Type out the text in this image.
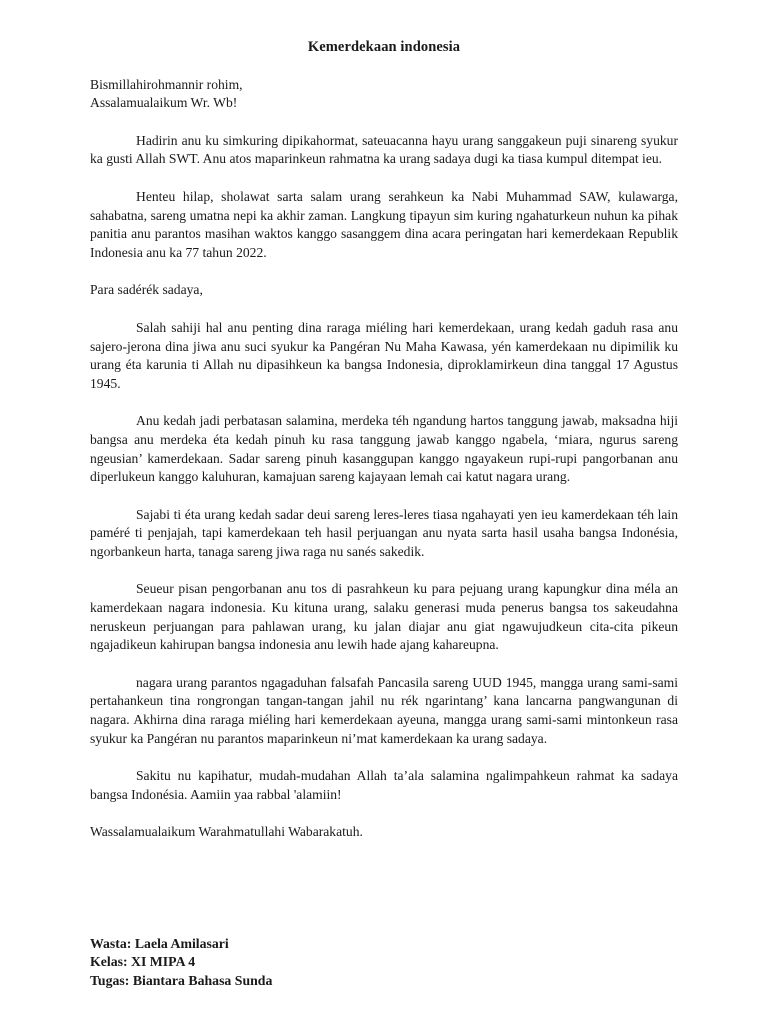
Kemerdekaan indonesia

Bismillahirohmannir rohim,

Assalamualaikum Wr. Wb!

Hadirin anu ku simkuring dipikahormat, sateuacanna hayu urang sanggakeun puji sinareng syukur ka gusti Allah SWT. Anu atos maparinkeun rahmatna ka urang sadaya dugi ka tiasa kumpul ditempat ieu.

Henteu hilap, sholawat sarta salam urang serahkeun ka Nabi Muhammad SAW, kulawarga, sahabatna, sareng umatna nepi ka akhir zaman. Langkung tipayun sim kuring ngahaturkeun nuhun ka pihak panitia anu parantos masihan waktos kanggo sasanggem dina acara peringatan hari kemerdekaan Republik Indonesia anu ka 77 tahun 2022.

Para sadérék sadaya,

Salah sahiji hal anu penting dina raraga miéling hari kemerdekaan, urang kedah gaduh rasa anu sajero-jerona dina jiwa anu suci syukur ka Pangéran Nu Maha Kawasa, yén kamerdekaan nu dipimilik ku urang éta karunia ti Allah nu dipasihkeun ka bangsa Indonesia, diproklamirkeun dina tanggal 17 Agustus 1945.

Anu kedah jadi perbatasan salamina, merdeka téh ngandung hartos tanggung jawab, maksadna hiji bangsa anu merdeka éta kedah pinuh ku rasa tanggung jawab kanggo ngabela, ‘miara, ngurus sareng ngeusian’ kamerdekaan. Sadar sareng pinuh kasanggupan kanggo ngayakeun rupi-rupi pangorbanan anu diperlukeun kanggo kaluhuran, kamajuan sareng kajayaan lemah cai katut nagara urang.

Sajabi ti éta urang kedah sadar deui sareng leres-leres tiasa ngahayati yen ieu kamerdekaan téh lain paméré ti penjajah, tapi kamerdekaan teh hasil perjuangan anu nyata sarta hasil usaha bangsa Indonésia, ngorbankeun harta, tanaga sareng jiwa raga nu sanés sakedik.

Seueur pisan pengorbanan anu tos di pasrahkeun ku para pejuang urang kapungkur dina méla an kamerdekaan nagara indonesia. Ku kituna urang, salaku generasi muda penerus bangsa tos sakeudahna neruskeun perjuangan para pahlawan urang, ku jalan diajar anu giat ngawujudkeun cita-cita pikeun ngajadikeun kahirupan bangsa indonesia anu lewih hade ajang kahareupna.

nagara urang parantos ngagaduhan falsafah Pancasila sareng UUD 1945, mangga urang sami-sami pertahankeun tina rongrongan tangan-tangan jahil nu rék ngarintang’ kana lancarna pangwangunan di nagara. Akhirna dina raraga miéling hari kemerdekaan ayeuna, mangga urang sami-sami mintonkeun rasa syukur ka Pangéran nu parantos maparinkeun ni’mat kamerdekaan ka urang sadaya.

Sakitu nu kapihatur, mudah-mudahan Allah ta’ala salamina ngalimpahkeun rahmat ka sadaya bangsa Indonésia. Aamiin yaa rabbal 'alamiin!

Wassalamualaikum Warahmatullahi Wabarakatuh.

Wasta: Laela Amilasari
Kelas: XI MIPA 4
Tugas: Biantara Bahasa Sunda
